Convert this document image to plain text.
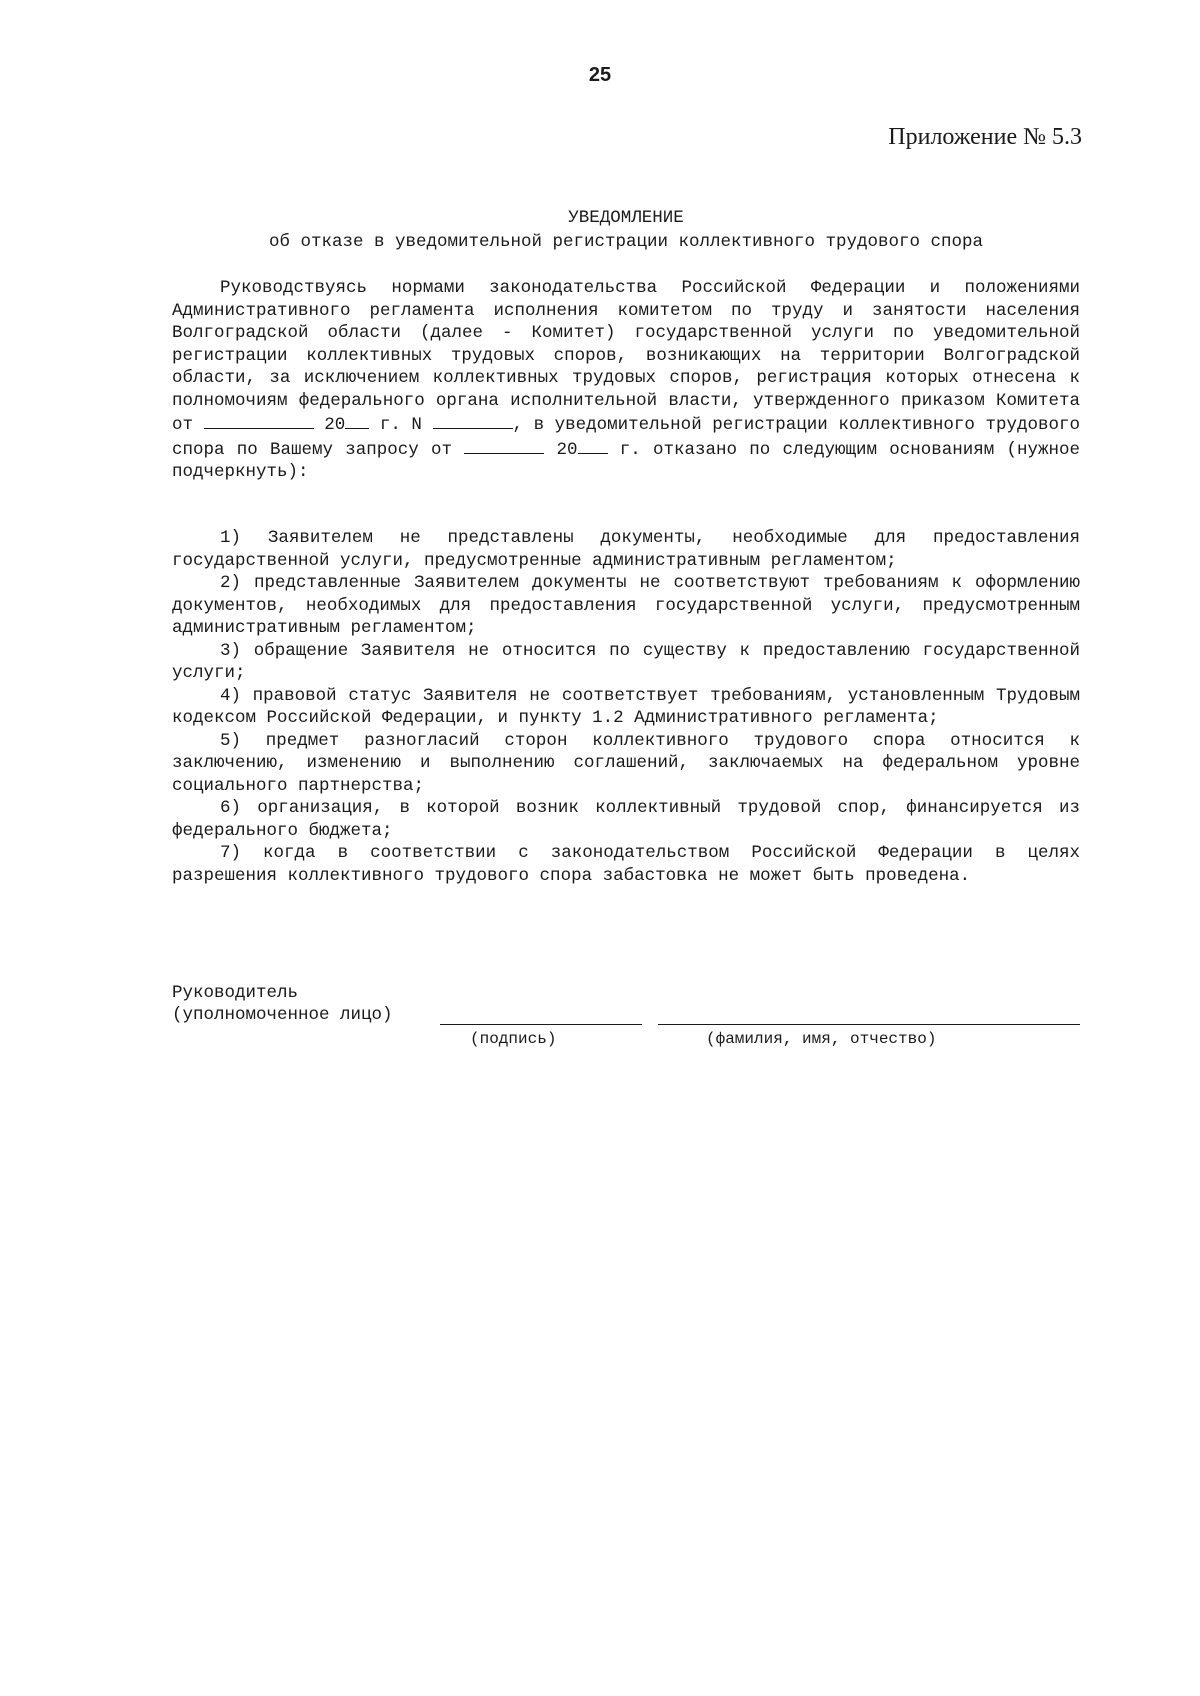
25
Приложение № 5.3
УВЕДОМЛЕНИЕ
об отказе в уведомительной регистрации коллективного трудового спора

Руководствуясь нормами законодательства Российской Федерации и положениями Административного регламента исполнения комитетом по труду и занятости населения Волгоградской области (далее - Комитет) государственной услуги по уведомительной регистрации коллективных трудовых споров, возникающих на территории Волгоградской области, за исключением коллективных трудовых споров, регистрация которых отнесена к полномочиям федерального органа исполнительной власти, утвержденного приказом Комитета от	20 г. N	, в уведомительной регистрации коллективного трудового спора по Вашему запросу от	20 г. отказано по следующим основаниям (нужное подчеркнуть):

1) Заявителем не представлены документы, необходимые для предоставления государственной услуги, предусмотренные административным регламентом;

2) представленные Заявителем документы не соответствуют требованиям к оформлению документов, необходимых для предоставления государственной услуги, предусмотренным административным регламентом;

3) обращение Заявителя не относится по существу к предоставлению государственной услуги;

4) правовой статус Заявителя не соответствует требованиям, установленным Трудовым кодексом Российской Федерации, и пункту 1.2 Административного регламента;

5) предмет разногласий сторон коллективного трудового спора относится к заключению, изменению и выполнению соглашений, заключаемых на федеральном уровне социального партнерства;

6) организация, в которой возник коллективный трудовой спор, финансируется из федерального бюджета;

7) когда в соответствии с законодательством Российской Федерации в целях разрешения коллективного трудового спора забастовка не может быть проведена.

Руководитель
(уполномоченное лицо)
(подпись)	(фамилия, имя, отчество)
